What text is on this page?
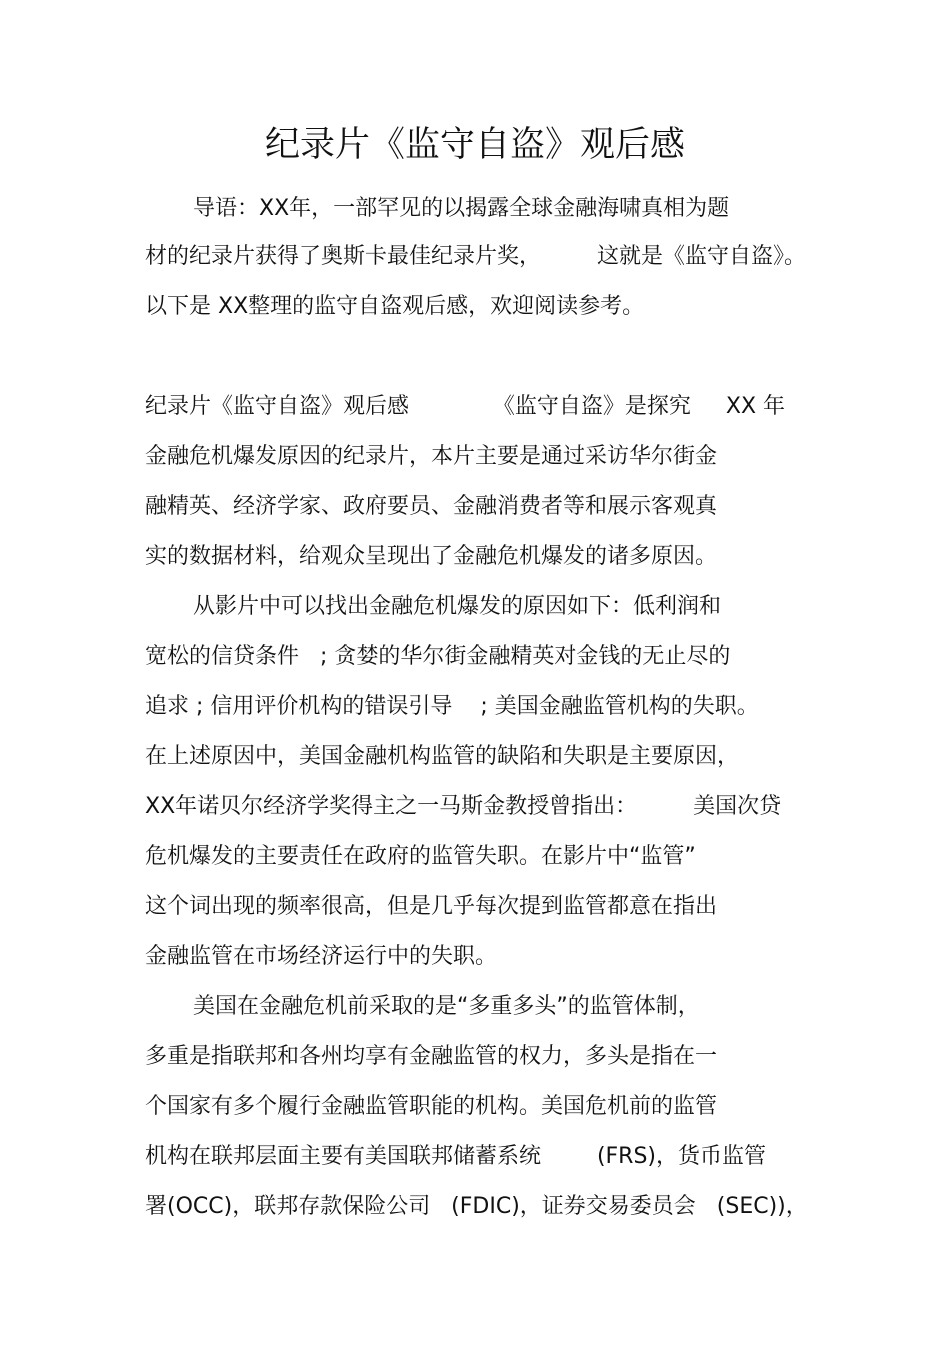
纪录片《监守自盗》观后感
导语：XX年，一部罕见的以揭露全球金融海啸真相为题
材的纪录片获得了奥斯卡最佳纪录片奖，        这就是《监守自盗》。
以下是 XX整理的监守自盗观后感，欢迎阅读参考。
纪录片《监守自盗》观后感            《监守自盗》是探究     XX 年
金融危机爆发原因的纪录片，本片主要是通过采访华尔街金
融精英、经济学家、政府要员、金融消费者等和展示客观真
实的数据材料，给观众呈现出了金融危机爆发的诸多原因。
从影片中可以找出金融危机爆发的原因如下：低利润和
宽松的信贷条件   ; 贪婪的华尔街金融精英对金钱的无止尽的
追求 ; 信用评价机构的错误引导    ; 美国金融监管机构的失职。
在上述原因中，美国金融机构监管的缺陷和失职是主要原因，
XX年诺贝尔经济学奖得主之一马斯金教授曾指出：        美国次贷
危机爆发的主要责任在政府的监管失职。在影片中“监管”
这个词出现的频率很高，但是几乎每次提到监管都意在指出
金融监管在市场经济运行中的失职。
美国在金融危机前采取的是“多重多头”的监管体制，
多重是指联邦和各州均享有金融监管的权力，多头是指在一
个国家有多个履行金融监管职能的机构。美国危机前的监管
机构在联邦层面主要有美国联邦储蓄系统        (FRS)，货币监管
署(OCC)，联邦存款保险公司   (FDIC)，证券交易委员会   (SEC))，
